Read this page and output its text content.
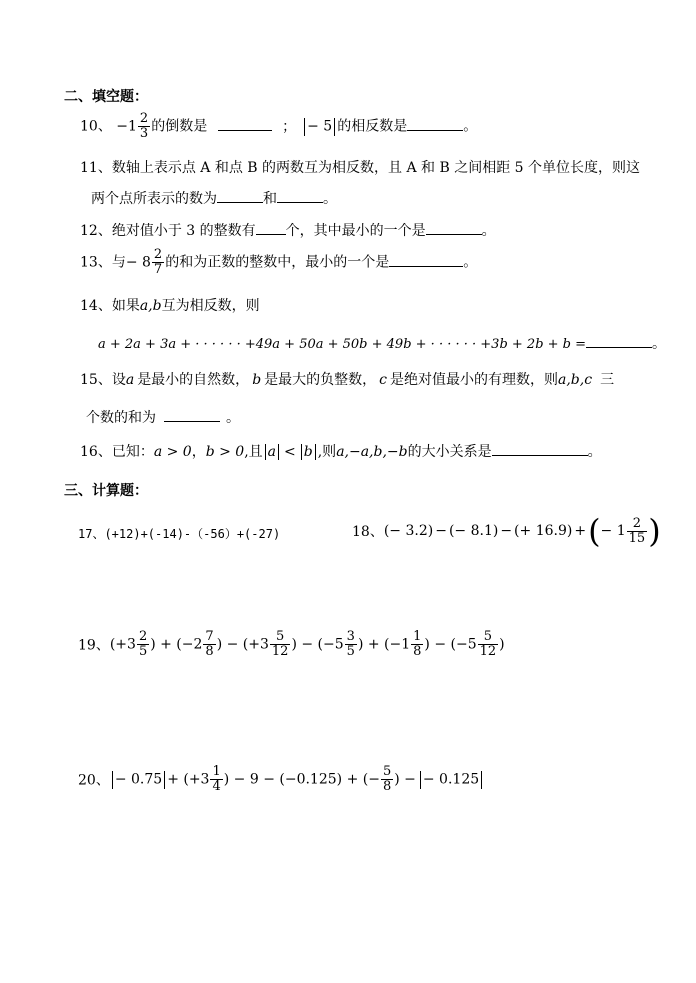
二、填空题：
10、 $-1 \frac{2}{3}$ 的倒数是	； − 5 的相反数是	。
11、数轴上表示点 A 和点 B 的两数互为相反数，且 A 和 B 之间相距 5 个单位长度，则这
两个点所表示的数为	和	。
12、绝对值小于 3 的整数有 个，其中最小的一个是	。
13、与− $8 \frac{2}{7}$ 的和为正数的整数中，最小的一个是	。
14、如果a,b互为相反数，则
a + 2a + 3a + · · · · · · +49a + 50a + 50b + 49b + · · · · · · +3b + 2b + b =	。
15、设a 是最小的自然数， b 是最大的负整数， c 是绝对值最小的有理数，则a,b,c 三
个数的和为	。
16、已知：a > 0，b > 0,且 a < b ,则a,−a,b,−b的大小关系是	。
三、计算题：
17、(+12)+(-14)-（-56）+(-27)	18、(− 3.2) − (− 8.1) − (+ 16.9) +(− $1 \frac{2}{15}$ )
19、($+3 \frac{2}{5}$ ) + ($-2 \frac{7}{8}$ ) − ($+3 \frac{5}{12}$ ) − ($-5 \frac{3}{5}$ ) + ($-1 \frac{1}{8}$ ) − ($-5 \frac{5}{12}$ )
20、 − $0.75 + (+3 \frac{1}{4}$ ) − 9 − (−0.125) + (− $\frac{5}{8}$ ) − − 0.125
